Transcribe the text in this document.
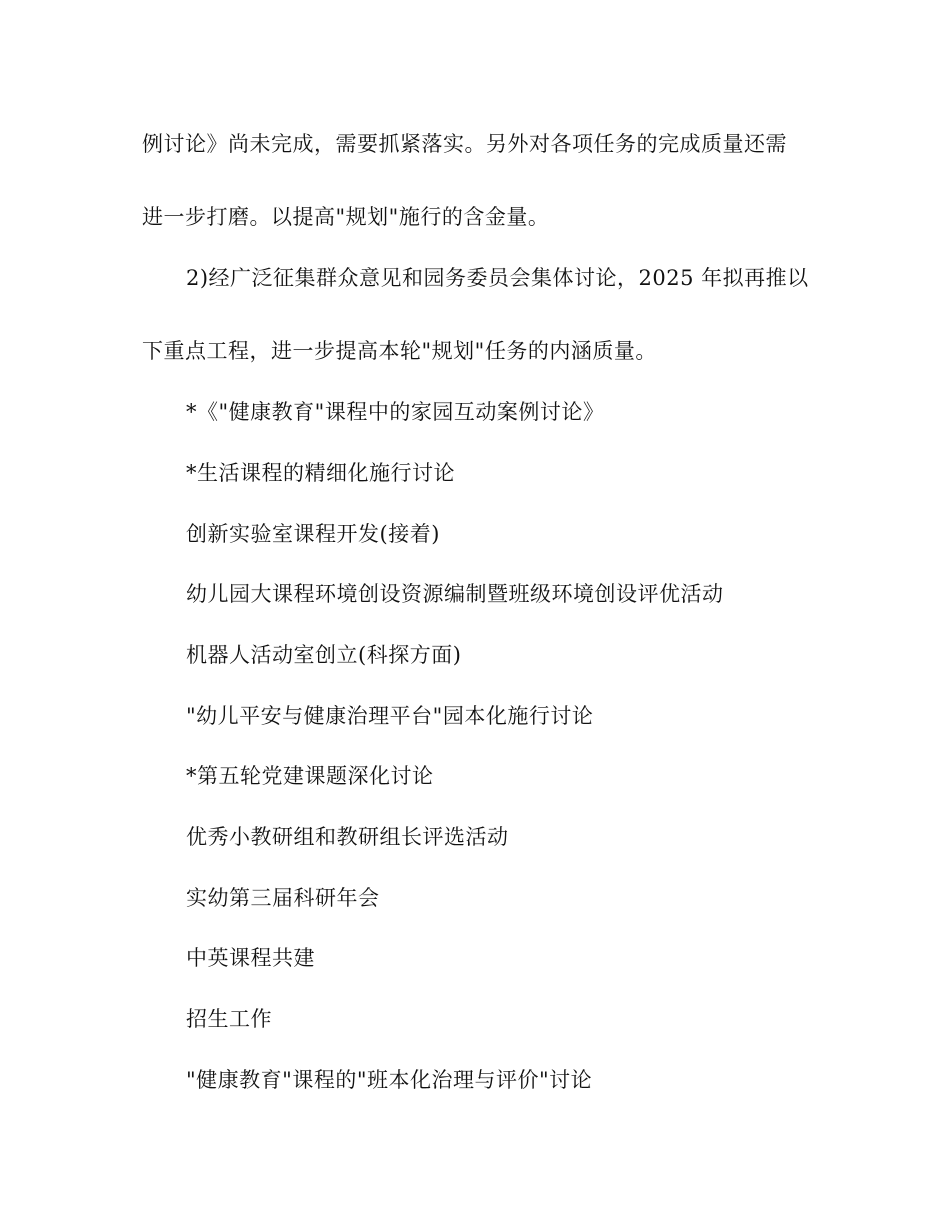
例讨论》尚未完成，需要抓紧落实。另外对各项任务的完成质量还需
进一步打磨。以提高"规划"施行的含金量。
2)经广泛征集群众意见和园务委员会集体讨论，2025 年拟再推以
下重点工程，进一步提高本轮"规划"任务的内涵质量。
*《"健康教育"课程中的家园互动案例讨论》
*生活课程的精细化施行讨论
创新实验室课程开发(接着)
幼儿园大课程环境创设资源编制暨班级环境创设评优活动
机器人活动室创立(科探方面)
"幼儿平安与健康治理平台"园本化施行讨论
*第五轮党建课题深化讨论
优秀小教研组和教研组长评选活动
实幼第三届科研年会
中英课程共建
招生工作
"健康教育"课程的"班本化治理与评价"讨论
